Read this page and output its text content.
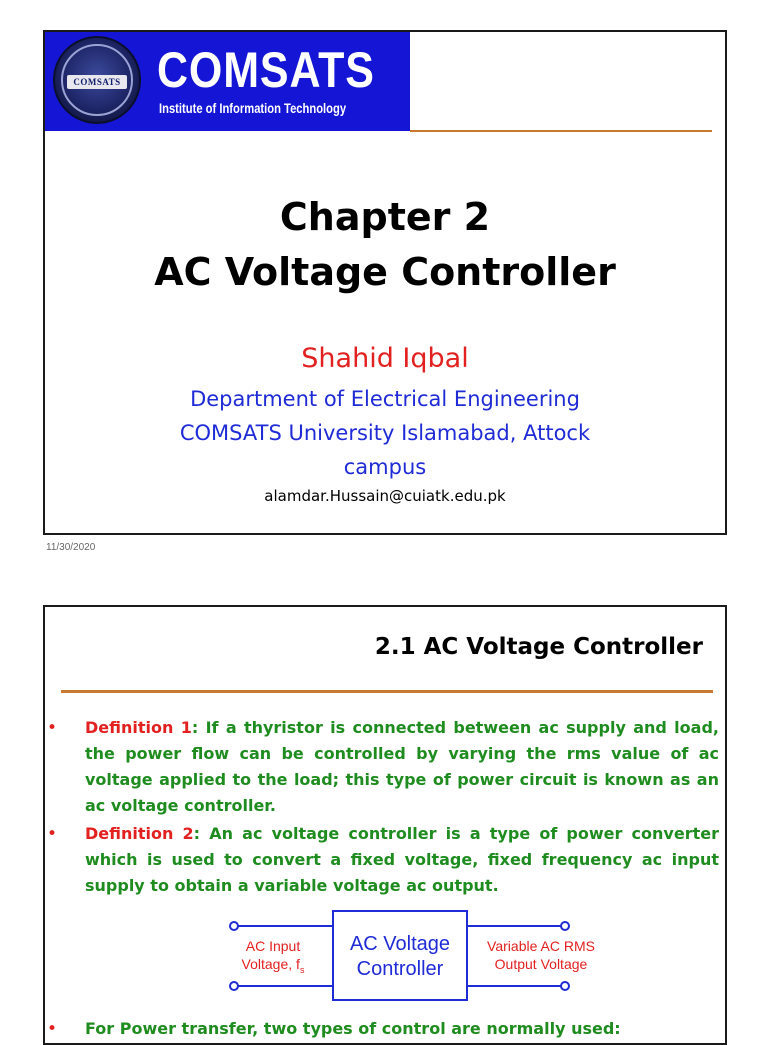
COMSATS COMSATS
Institute of Information Technology
Chapter 2
AC Voltage Controller
Shahid Iqbal
Department of Electrical Engineering
COMSATS University Islamabad, Attock
campus
alamdar.Hussain@cuiatk.edu.pk
11/30/2020
2.1 AC Voltage Controller
• Definition 1: If a thyristor is connected between ac supply and load, the power flow can be controlled by varying the rms value of ac voltage applied to the load; this type of power circuit is known as an ac voltage controller.
• Definition 2: An ac voltage controller is a type of power converter which is used to convert a fixed voltage, fixed frequency ac input supply to obtain a variable voltage ac output.
AC Input
Voltage, $f_s$
AC Voltage
Controller
Variable AC RMS
Output Voltage
• For Power transfer, two types of control are normally used:
